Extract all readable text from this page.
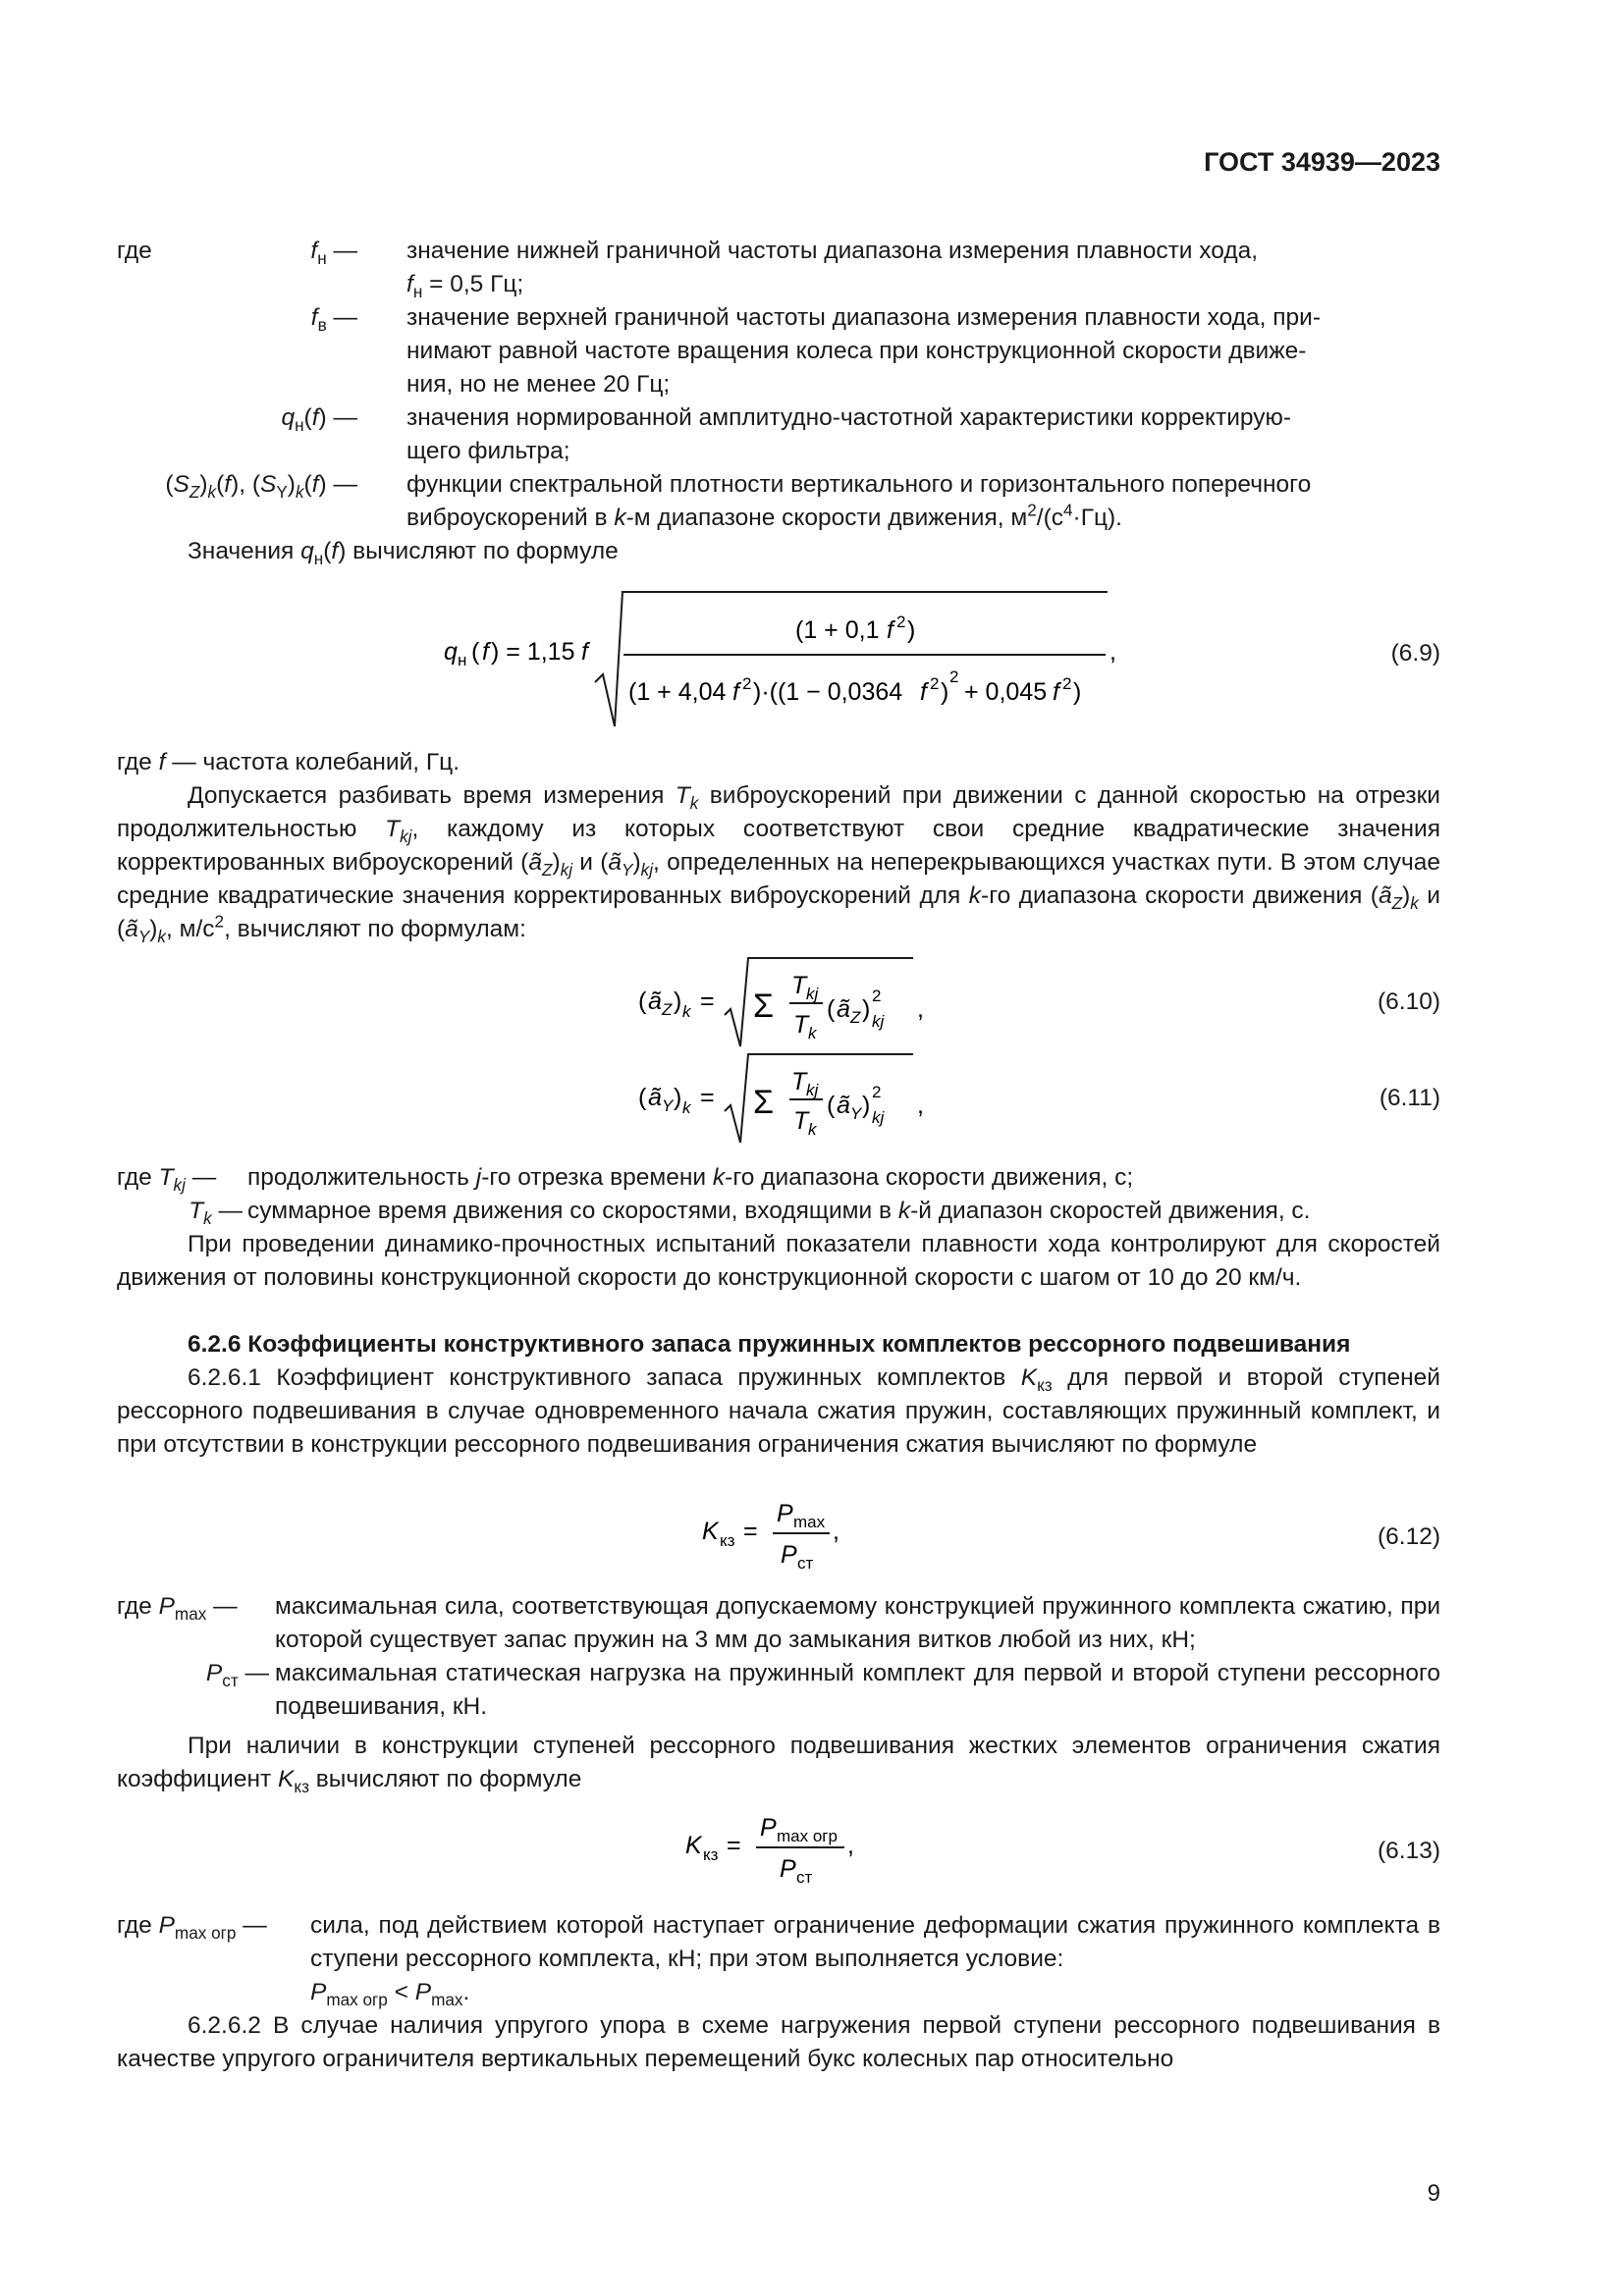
ГОСТ 34939—2023
где	$f_н$ — значение нижней граничной частоты диапазона измерения плавности хода,
$f_н = 0,5$ Гц;
$f_в$ — значение верхней граничной частоты диапазона измерения плавности хода, при-
нимают равной частоте вращения колеса при конструкционной скорости движе-
ния, но не менее 20 Гц;
$q_н(f)$ — значения нормированной амплитудно-частотной характеристики корректирую-
щего фильтра;
$(S_Z)_k(f)$, $(S_Y)_k(f)$ — функции спектральной плотности вертикального и горизонтального поперечного
виброускорений в k-м диапазоне скорости движения, $м^2/(с^4\cdot Гц)$.
Значения $q_н(f)$ вычисляют по формуле
q н ( f ) = 1,15 f
(1 + 0,1 f 2 )
(1 + 4,04 f 2 )·((1 − 0,0364 f 2 )
2
+ 0,045 f 2 )
,	(6.9)
где f — частота колебаний, Гц.
Допускается разбивать время измерения $T_k$ виброускорений при движении с данной скоростью на отрезки продолжительностью $T_{kj}$, каждому из которых соответствуют свои средние квадратические значения корректированных виброускорений $(ã_Z)_{kj}$ и $(ã_Y)_{kj}$, определенных на неперекрывающихся участках пути. В этом случае средние квадратические значения корректированных виброускорений для k-го диапазона скорости движения $(ã_Z)_k$ и $(ã_Y)_k$, $м/с^2$, вычисляют по формулам:
( ã Z ) k = Σ
T kj
T k
( ã Z ) 2
kj ,	(6.10)
( ã Y ) k = Σ
T kj
T k
( ã Y ) 2
kj ,	(6.11)
где $T_{kj}$ — продолжительность j-го отрезка времени k-го диапазона скорости движения, с;
$T_k$ — суммарное время движения со скоростями, входящими в k-й диапазон скоростей движения, с.
При проведении динамико-прочностных испытаний показатели плавности хода контролируют для скоростей движения от половины конструкционной скорости до конструкционной скорости с шагом от 10 до 20 км/ч.
6.2.6 Коэффициенты конструктивного запаса пружинных комплектов рессорного подвешивания
6.2.6.1 Коэффициент конструктивного запаса пружинных комплектов $K_{кз}$ для первой и второй ступеней рессорного подвешивания в случае одновременного начала сжатия пружин, составляющих пружинный комплект, и при отсутствии в конструкции рессорного подвешивания ограничения сжатия вычисляют по формуле
K кз =
P max
P ст
,	(6.12)
где $P_{max}$ — максимальная сила, соответствующая допускаемому конструкцией пружинного комплекта сжатию, при которой существует запас пружин на 3 мм до замыкания витков любой из них, кН;
$P_{ст}$ — максимальная статическая нагрузка на пружинный комплект для первой и второй ступени рессорного подвешивания, кН.
При наличии в конструкции ступеней рессорного подвешивания жестких элементов ограничения сжатия коэффициент $K_{кз}$ вычисляют по формуле
K кз =
P max огр
P ст
,	(6.13)
где $P_{max огр}$ — сила, под действием которой наступает ограничение деформации сжатия пружинного комплекта в ступени рессорного комплекта, кН; при этом выполняется условие:
$P_{max огр} < P_{max}$.
6.2.6.2 В случае наличия упругого упора в схеме нагружения первой ступени рессорного подвешивания в качестве упругого ограничителя вертикальных перемещений букс колесных пар относительно
9
